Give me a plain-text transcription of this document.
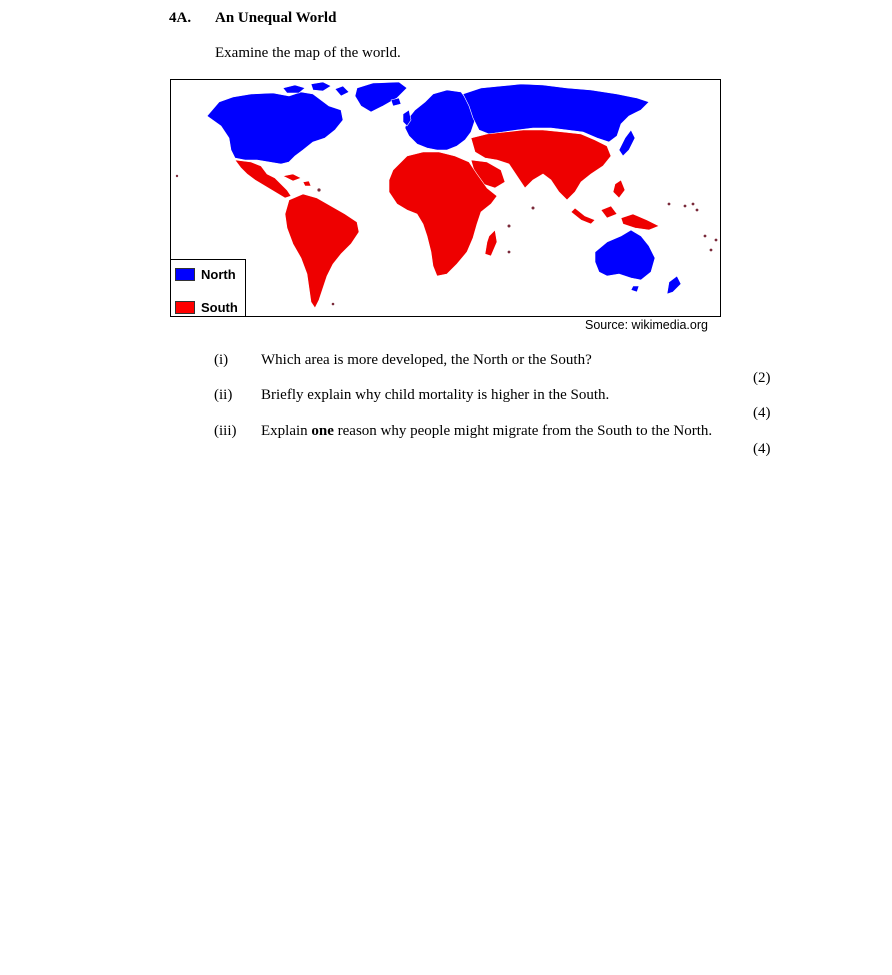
4A. An Unequal World
Examine the map of the world.
North
South
Source: wikimedia.org
(i) Which area is more developed, the North or the South?
(2)
(ii) Briefly explain why child mortality is higher in the South.
(4)
(iii) Explain one reason why people might migrate from the South to the North.
(4)
